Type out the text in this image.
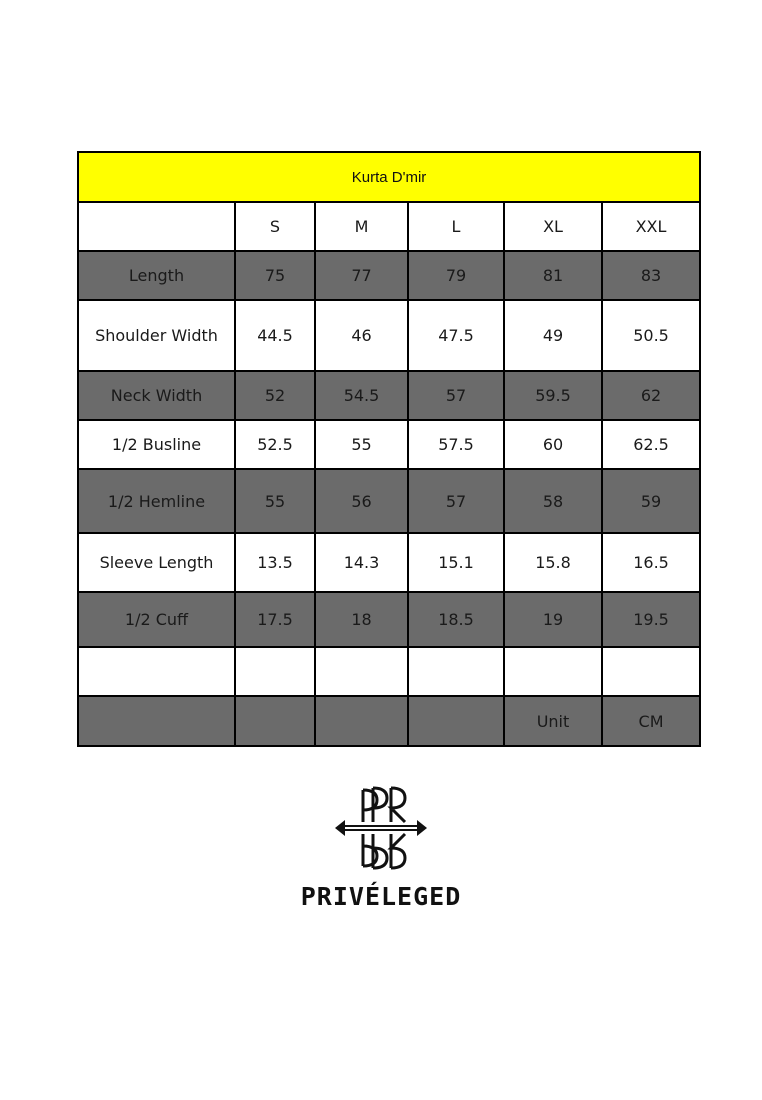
Kurta D'mir					
	S	M	L	XL	XXL
Length	75	77	79	81	83
Shoulder Width	44.5	46	47.5	49	50.5
Neck Width	52	54.5	57	59.5	62
1/2 Busline	52.5	55	57.5	60	62.5
1/2 Hemline	55	56	57	58	59
Sleeve Length	13.5	14.3	15.1	15.8	16.5
1/2 Cuff	17.5	18	18.5	19	19.5

				Unit	CM
PRIVÉLEGED
